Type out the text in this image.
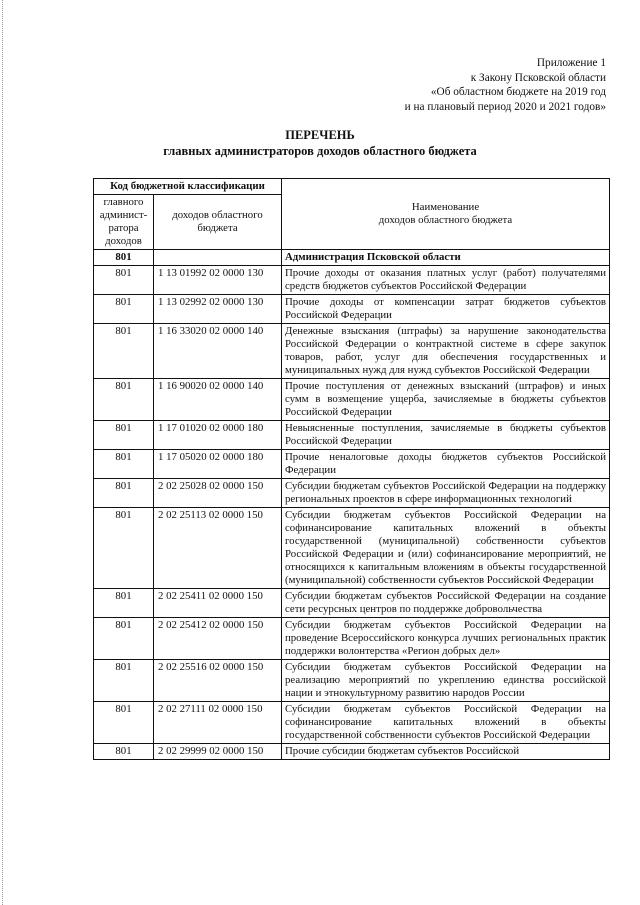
Приложение 1
к Закону Псковской области
«Об областном бюджете на 2019 год
и на плановый период 2020 и 2021 годов»
ПЕРЕЧЕНЬ
главных администраторов доходов областного бюджета
Код бюджетной классификации		Наименование
доходов областного бюджета

главного админист-ратора доходов	доходов областного бюджета	
801		Администрация Псковской области
801	1 13 01992 02 0000 130	Прочие доходы от оказания платных услуг (работ) получателями средств бюджетов субъектов Российской Федерации
801	1 13 02992 02 0000 130	Прочие доходы от компенсации затрат бюджетов субъектов Российской Федерации
801	1 16 33020 02 0000 140	Денежные взыскания (штрафы) за нарушение законодательства Российской Федерации о контрактной системе в сфере закупок товаров, работ, услуг для обеспечения государственных и муниципальных нужд для нужд субъектов Российской Федерации
801	1 16 90020 02 0000 140	Прочие поступления от денежных взысканий (штрафов) и иных сумм в возмещение ущерба, зачисляемые в бюджеты субъектов Российской Федерации
801	1 17 01020 02 0000 180	Невыясненные поступления, зачисляемые в бюджеты субъектов Российской Федерации
801	1 17 05020 02 0000 180	Прочие неналоговые доходы бюджетов субъектов Российской Федерации
801	2 02 25028 02 0000 150	Субсидии бюджетам субъектов Российской Федерации на поддержку региональных проектов в сфере информационных технологий
801	2 02 25113 02 0000 150	Субсидии бюджетам субъектов Российской Федерации на софинансирование капитальных вложений в объекты государственной (муниципальной) собственности субъектов Российской Федерации и (или) софинансирование мероприятий, не относящихся к капитальным вложениям в объекты государственной (муниципальной) собственности субъектов Российской Федерации
801	2 02 25411 02 0000 150	Субсидии бюджетам субъектов Российской Федерации на создание сети ресурсных центров по поддержке добровольчества
801	2 02 25412 02 0000 150	Субсидии бюджетам субъектов Российской Федерации на проведение Всероссийского конкурса лучших региональных практик поддержки волонтерства «Регион добрых дел»
801	2 02 25516 02 0000 150	Субсидии бюджетам субъектов Российской Федерации на реализацию мероприятий по укреплению единства российской нации и этнокультурному развитию народов России
801	2 02 27111 02 0000 150	Субсидии бюджетам субъектов Российской Федерации на софинансирование капитальных вложений в объекты государственной собственности субъектов Российской Федерации
801	2 02 29999 02 0000 150	Прочие субсидии бюджетам субъектов Российской
